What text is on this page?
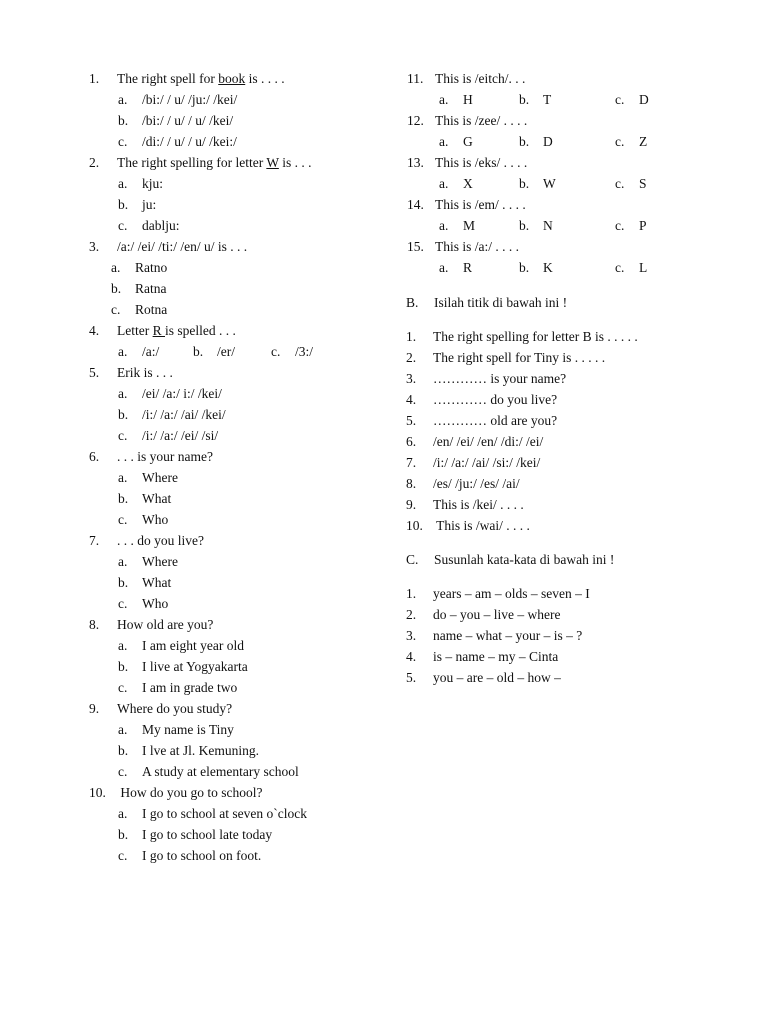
1. The right spell for book is . . . .
a. /bi:/ / u/ /ju:/ /kei/
b. /bi:/ / u/ / u/ /kei/
c. /di:/ / u/ / u/ /kei:/
2. The right spelling for letter W is . . .
a. kju:
b. ju:
c. dablju:
3. /a:/ /ei/ /ti:/ /en/ u/ is . . .
a. Ratno
b. Ratna
c. Rotna
4. Letter R is spelled . . .
a. /a:/	b. /er/	c. /3:/
5. Erik is . . .
a. /ei/ /a:/ i:/ /kei/
b. /i:/ /a:/ /ai/ /kei/
c. /i:/ /a:/ /ei/ /si/
6. . . . is your name?
a. Where
b. What
c. Who
7. . . . do you live?
a. Where
b. What
c. Who
8. How old are you?
a. I am eight year old
b. I live at Yogyakarta
c. I am in grade two
9. Where do you study?
a. My name is Tiny
b. I lve at Jl. Kemuning.
c. A study at elementary school
10. How do you go to school?
a. I go to school at seven o`clock
b. I go to school late today
c. I go to school on foot.
11. This is /eitch/. . .
a. H	b. T	c. D
12. This is /zee/ . . . .
a. G	b. D	c. Z
13. This is /eks/ . . . .
a. X	b. W	c. S
14. This is /em/ . . . .
a. M	b. N	c. P
15. This is /a:/ . . . .
a. R	b. K	c. L
B. Isilah titik di bawah ini !
1. The right spelling for letter B is . . . . .
2. The right spell for Tiny is . . . . .
3. ………… is your name?
4. ………… do you live?
5. ………… old are you?
6. /en/ /ei/ /en/ /di:/ /ei/
7. /i:/ /a:/ /ai/ /si:/ /kei/
8. /es/ /ju:/ /es/ /ai/
9. This is /kei/ . . . .
10. This is /wai/ . . . .
C. Susunlah kata-kata di bawah ini !
1. years – am – olds – seven – I
2. do – you – live – where
3. name – what – your – is – ?
4. is – name – my – Cinta
5. you – are – old – how –
